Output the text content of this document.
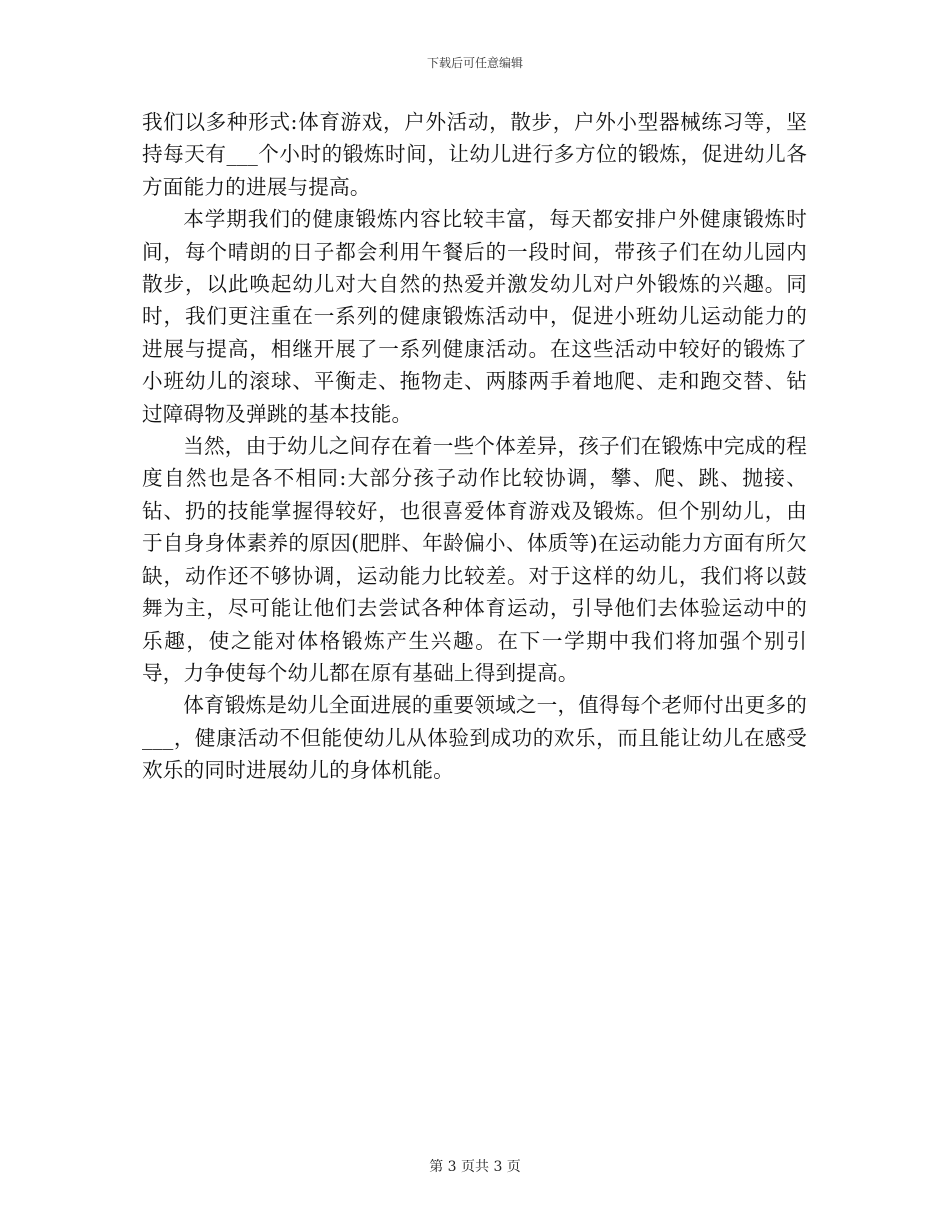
下载后可任意编辑

我们以多种形式:体育游戏，户外活动，散步，户外小型器械练习等，坚持每天有___个小时的锻炼时间，让幼儿进行多方位的锻炼，促进幼儿各方面能力的进展与提高。

本学期我们的健康锻炼内容比较丰富，每天都安排户外健康锻炼时间，每个晴朗的日子都会利用午餐后的一段时间，带孩子们在幼儿园内散步，以此唤起幼儿对大自然的热爱并激发幼儿对户外锻炼的兴趣。同时，我们更注重在一系列的健康锻炼活动中，促进小班幼儿运动能力的进展与提高，相继开展了一系列健康活动。在这些活动中较好的锻炼了小班幼儿的滚球、平衡走、拖物走、两膝两手着地爬、走和跑交替、钻过障碍物及弹跳的基本技能。

当然，由于幼儿之间存在着一些个体差异，孩子们在锻炼中完成的程度自然也是各不相同:大部分孩子动作比较协调，攀、爬、跳、抛接、钻、扔的技能掌握得较好，也很喜爱体育游戏及锻炼。但个别幼儿，由于自身身体素养的原因(肥胖、年龄偏小、体质等)在运动能力方面有所欠缺，动作还不够协调，运动能力比较差。对于这样的幼儿，我们将以鼓舞为主，尽可能让他们去尝试各种体育运动，引导他们去体验运动中的乐趣，使之能对体格锻炼产生兴趣。在下一学期中我们将加强个别引导，力争使每个幼儿都在原有基础上得到提高。

体育锻炼是幼儿全面进展的重要领域之一，值得每个老师付出更多的___，健康活动不但能使幼儿从体验到成功的欢乐，而且能让幼儿在感受欢乐的同时进展幼儿的身体机能。

第 3 页共 3 页
